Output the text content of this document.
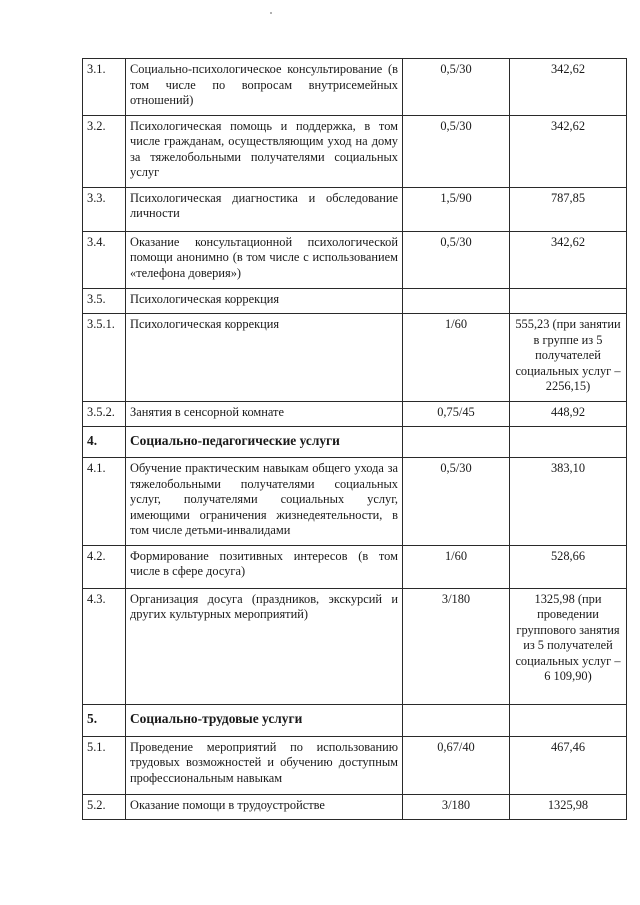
3.1.	Социально-психологическое консультирование (в том числе по вопросам внутрисемейных отношений)	0,5/30	342,62
3.2.	Психологическая помощь и поддержка, в том числе гражданам, осуществляющим уход на дому за тяжелобольными получателями социальных услуг	0,5/30	342,62
3.3.	Психологическая диагностика и обследование личности	1,5/90	787,85
3.4.	Оказание консультационной психологической помощи анонимно (в том числе с использованием «телефона доверия»)	0,5/30	342,62
3.5.	Психологическая коррекция		
3.5.1.	Психологическая коррекция	1/60	555,23 (при занятии в группе из 5 получателей социальных услуг – 2256,15)
3.5.2.	Занятия в сенсорной комнате	0,75/45	448,92
4.	Социально-педагогические услуги		
4.1.	Обучение практическим навыкам общего ухода за тяжелобольными получателями социальных услуг, получателями социальных услуг, имеющими ограничения жизнедеятельности, в том числе детьми-инвалидами	0,5/30	383,10
4.2.	Формирование позитивных интересов (в том числе в сфере досуга)	1/60	528,66
4.3.	Организация досуга (праздников, экскурсий и других культурных мероприятий)	3/180	1325,98 (при проведении группового занятия из 5 получателей социальных услуг – 6 109,90)
5.	Социально-трудовые услуги		
5.1.	Проведение мероприятий по использованию трудовых возможностей и обучению доступным профессиональным навыкам	0,67/40	467,46
5.2.	Оказание помощи в трудоустройстве	3/180	1325,98
